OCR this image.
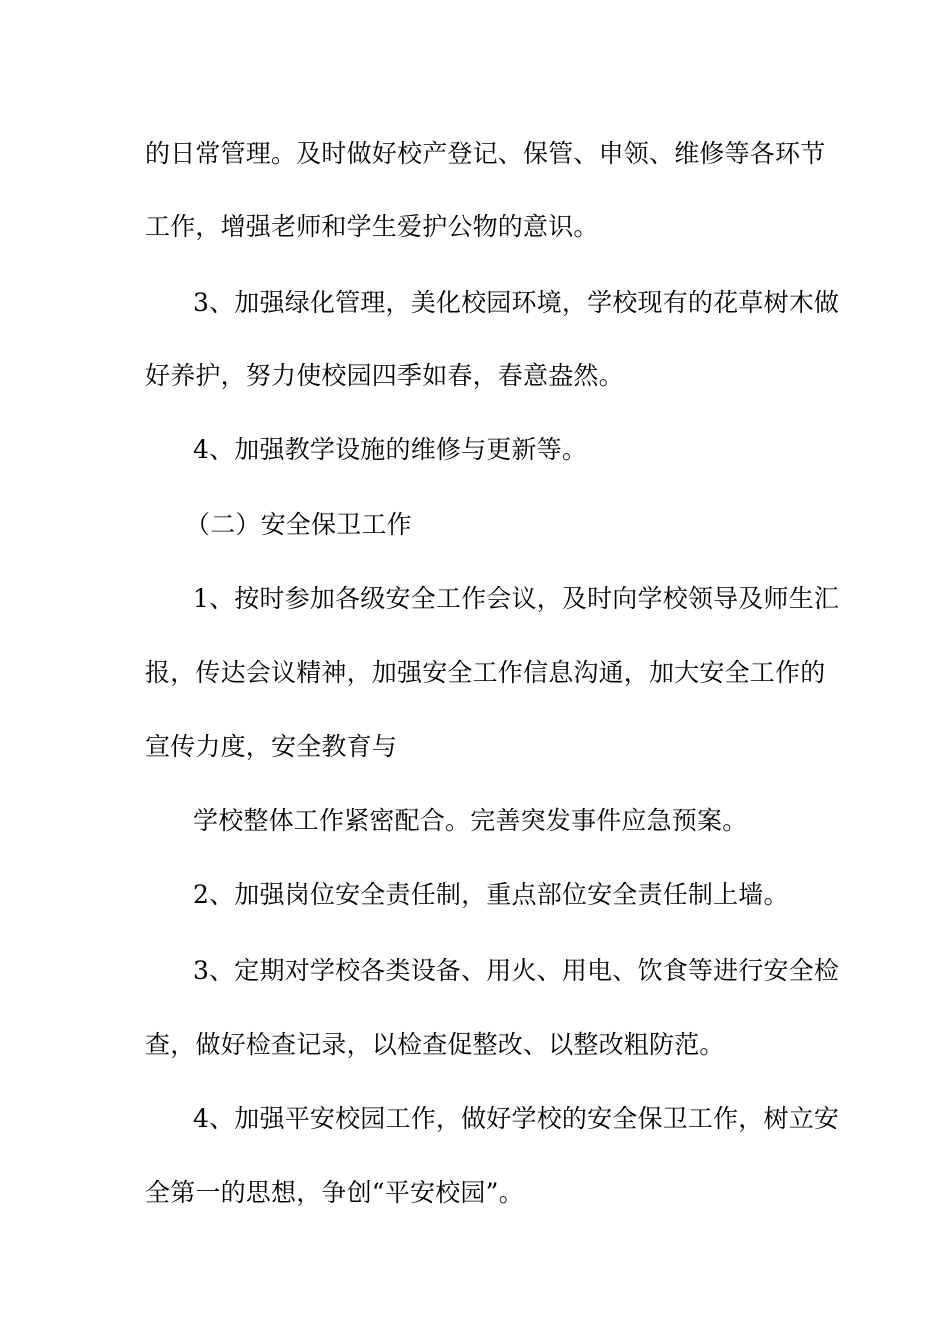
的日常管理。及时做好校产登记、保管、申领、维修等各环节

工作，增强老师和学生爱护公物的意识。

3、加强绿化管理，美化校园环境，学校现有的花草树木做

好养护，努力使校园四季如春，春意盎然。

4、加强教学设施的维修与更新等。

（二）安全保卫工作

1、按时参加各级安全工作会议，及时向学校领导及师生汇

报，传达会议精神，加强安全工作信息沟通，加大安全工作的

宣传力度，安全教育与

学校整体工作紧密配合。完善突发事件应急预案。

2、加强岗位安全责任制，重点部位安全责任制上墙。

3、定期对学校各类设备、用火、用电、饮食等进行安全检

查，做好检查记录，以检查促整改、以整改粗防范。

4、加强平安校园工作，做好学校的安全保卫工作，树立安

全第一的思想，争创“平安校园”。
